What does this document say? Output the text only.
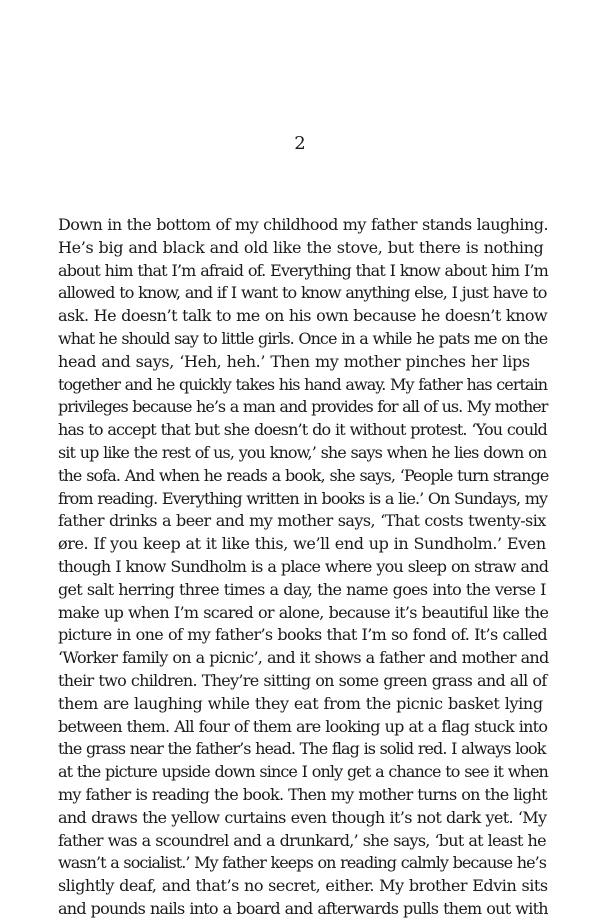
2
Down in the bottom of my childhood my father stands laughing.
He’s big and black and old like the stove, but there is nothing
about him that I’m afraid of. Everything that I know about him I’m
allowed to know, and if I want to know anything else, I just have to
ask. He doesn’t talk to me on his own because he doesn’t know
what he should say to little girls. Once in a while he pats me on the
head and says, ‘Heh, heh.’ Then my mother pinches her lips
together and he quickly takes his hand away. My father has certain
privileges because he’s a man and provides for all of us. My mother
has to accept that but she doesn’t do it without protest. ‘You could
sit up like the rest of us, you know,’ she says when he lies down on
the sofa. And when he reads a book, she says, ‘People turn strange
from reading. Everything written in books is a lie.’ On Sundays, my
father drinks a beer and my mother says, ‘That costs twenty-six
øre. If you keep at it like this, we’ll end up in Sundholm.’ Even
though I know Sundholm is a place where you sleep on straw and
get salt herring three times a day, the name goes into the verse I
make up when I’m scared or alone, because it’s beautiful like the
picture in one of my father’s books that I’m so fond of. It’s called
‘Worker family on a picnic’, and it shows a father and mother and
their two children. They’re sitting on some green grass and all of
them are laughing while they eat from the picnic basket lying
between them. All four of them are looking up at a flag stuck into
the grass near the father’s head. The flag is solid red. I always look
at the picture upside down since I only get a chance to see it when
my father is reading the book. Then my mother turns on the light
and draws the yellow curtains even though it’s not dark yet. ‘My
father was a scoundrel and a drunkard,’ she says, ‘but at least he
wasn’t a socialist.’ My father keeps on reading calmly because he’s
slightly deaf, and that’s no secret, either. My brother Edvin sits
and pounds nails into a board and afterwards pulls them out with
